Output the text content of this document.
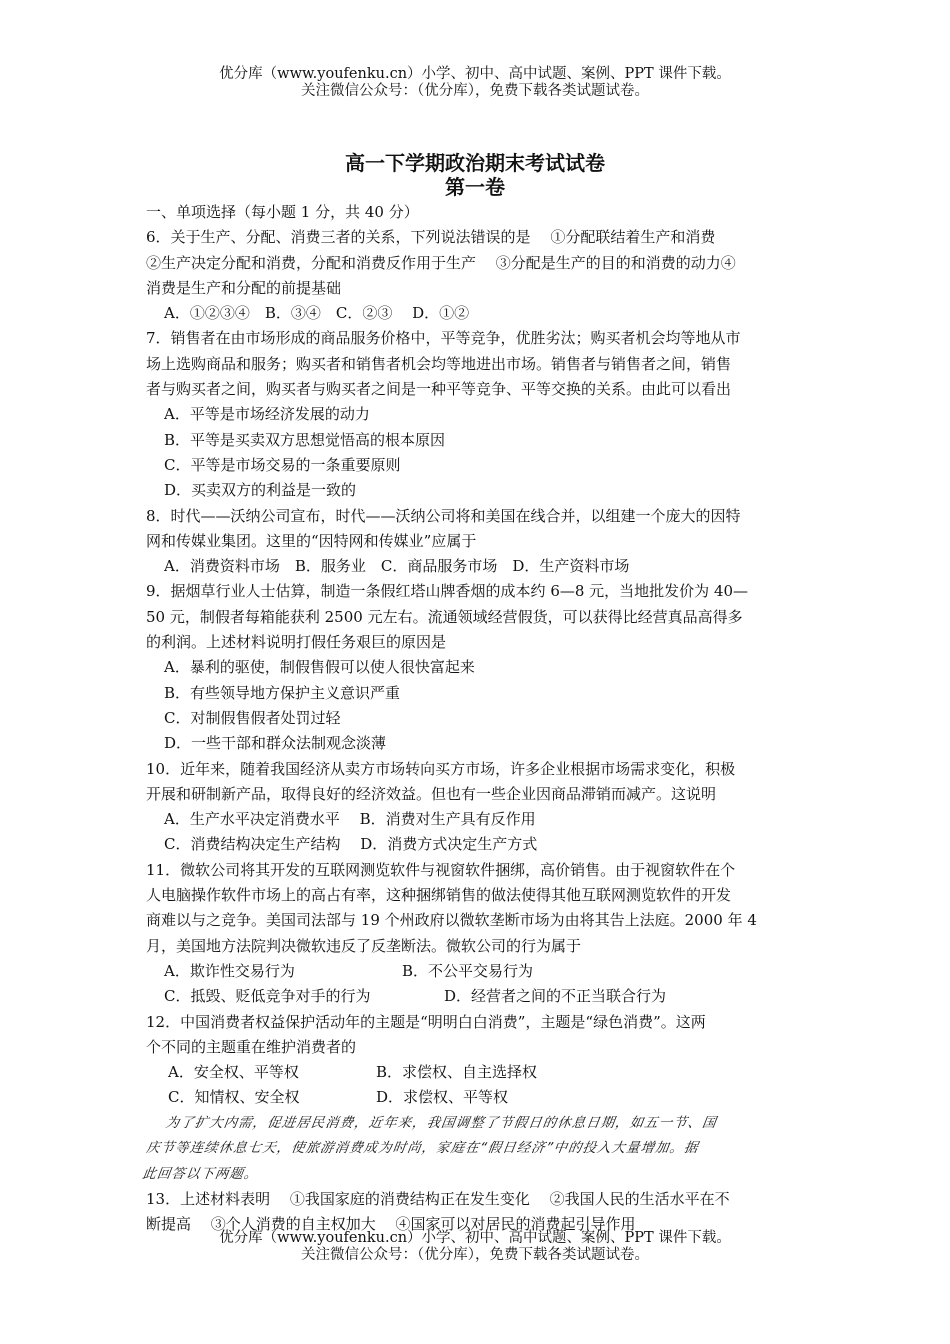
优分库（www.youfenku.cn）小学、初中、高中试题、案例、PPT 课件下载。
关注微信公众号：（优分库），免费下载各类试题试卷。
高一下学期政治期末考试试卷
第一卷

一、单项选择（每小题 1 分，共 40 分）

6．关于生产、分配、消费三者的关系，下列说法错误的是　 ①分配联结着生产和消费

②生产决定分配和消费，分配和消费反作用于生产　 ③分配是生产的目的和消费的动力④

消费是生产和分配的前提基础

A．①②③④　B．③④　C．②③　 D．①②

7．销售者在由市场形成的商品服务价格中，平等竞争，优胜劣汰；购买者机会均等地从市

场上选购商品和服务；购买者和销售者机会均等地进出市场。销售者与销售者之间，销售

者与购买者之间，购买者与购买者之间是一种平等竞争、平等交换的关系。由此可以看出

A．平等是市场经济发展的动力

B．平等是买卖双方思想觉悟高的根本原因

C．平等是市场交易的一条重要原则

D．买卖双方的利益是一致的

8．时代——沃纳公司宣布，时代——沃纳公司将和美国在线合并，以组建一个庞大的因特

网和传媒业集团。这里的“因特网和传媒业”应属于

A．消费资料市场　B．服务业　C．商品服务市场　D．生产资料市场

9．据烟草行业人士估算，制造一条假红塔山牌香烟的成本约 6—8 元，当地批发价为 40—

50 元，制假者每箱能获利 2500 元左右。流通领域经营假货，可以获得比经营真品高得多

的利润。上述材料说明打假任务艰巨的原因是

A．暴利的驱使，制假售假可以使人很快富起来

B．有些领导地方保护主义意识严重

C．对制假售假者处罚过轻

D．一些干部和群众法制观念淡薄

10．近年来，随着我国经济从卖方市场转向买方市场，许多企业根据市场需求变化，积极

开展和研制新产品，取得良好的经济效益。但也有一些企业因商品滞销而减产。这说明

A．生产水平决定消费水平　 B．消费对生产具有反作用

C．消费结构决定生产结构　 D．消费方式决定生产方式

11．微软公司将其开发的互联网测览软件与视窗软件捆绑，高价销售。由于视窗软件在个

人电脑操作软件市场上的高占有率，这种捆绑销售的做法使得其他互联网测览软件的开发

商难以与之竞争。美国司法部与 19 个州政府以微软垄断市场为由将其告上法庭。2000 年 4

月，美国地方法院判决微软违反了反垄断法。微软公司的行为属于

A．欺诈性交易行为	B．不公平交易行为

C．抵毁、贬低竞争对手的行为	D．经营者之间的不正当联合行为

12．中国消费者权益保护活动年的主题是“明明白白消费”，主题是“绿色消费”。这两

个不同的主题重在维护消费者的

A．安全权、平等权	B．求偿权、自主选择权

C．知情权、安全权	D．求偿权、平等权

为了扩大内需，促进居民消费，近年来，我国调整了节假日的休息日期，如五一节、国

庆节等连续休息七天，使旅游消费成为时尚，家庭在“假日经济”中的投入大量增加。据

此回答以下两题。

13．上述材料表明　 ①我国家庭的消费结构正在发生变化　 ②我国人民的生活水平在不

断提高　 ③个人消费的自主权加大　 ④国家可以对居民的消费起引导作用

优分库（www.youfenku.cn）小学、初中、高中试题、案例、PPT 课件下载。
关注微信公众号：（优分库），免费下载各类试题试卷。
